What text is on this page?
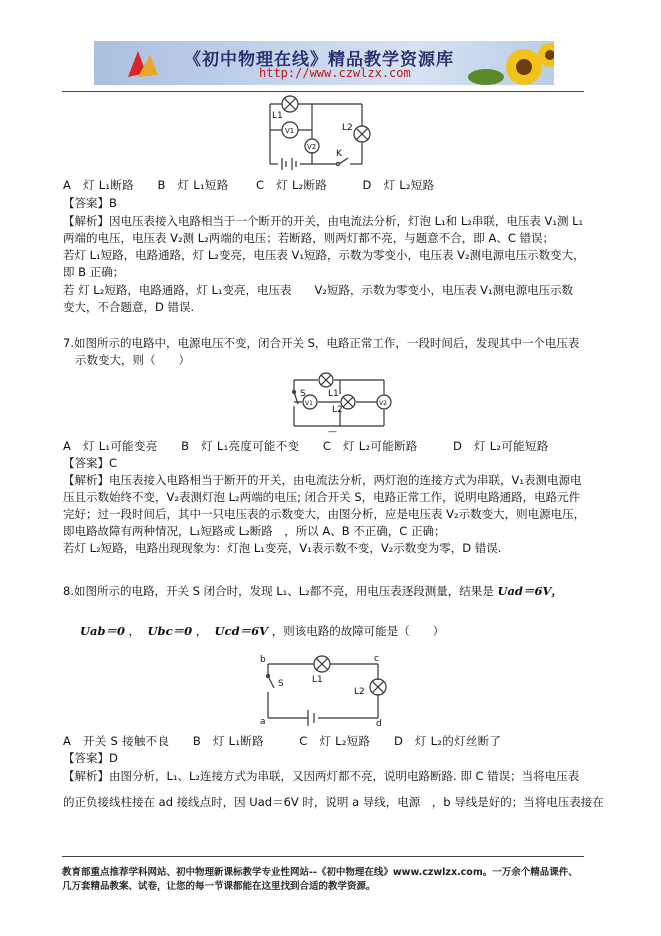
《初中物理在线》精品教学资源库
http://www.czwlzx.com
L1
V1	L2
V2
K
A　灯 L₁断路　　B　灯 L₁短路　　 C　灯 L₂断路　　　D　灯 L₂短路
【答案】B
【解析】因电压表接入电路相当于一个断开的开关，由电流法分析，灯泡 L₁和 L₂串联，电压表 V₁测 L₁
两端的电压，电压表 V₂测 L₂两端的电压；若断路，则两灯都不亮，与题意不合，即 A、C 错误；
若灯 L₁短路，电路通路，灯 L₂变亮，电压表 V₁短路，示数为零变小，电压表 V₂测电源电压示数变大，
即 B 正确；
若 灯 L₂短路，电路通路，灯 L₁变亮，电压表　　V₂短路，示数为零变小，电压表 V₁测电源电压示数
变大，不合题意，D 错误.
7.如图所示的电路中，电源电压不变，闭合开关 S，电路正常工作，一段时间后，发现其中一个电压表
示数变大，则（　　）
S
V1
L1
L2
V2
—
A　灯 L₁可能变亮　　B　灯 L₁亮度可能不变　　C　灯 L₂可能断路　　　D　灯 L₂可能短路
【答案】C
【解析】电压表接入电路相当于断开的开关，由电流法分析，两灯泡的连接方式为串联，V₁表测电源电
压且示数始终不变，V₂表测灯泡 L₂两端的电压; 闭合开关 S，电路正常工作，说明电路通路，电路元件
完好；过一段时间后，其中一只电压表的示数变大，由图分析，应是电压表 V₂示数变大，则电源电压，
即电路故障有两种情况，L₁短路或 L₂断路　，所以 A、B 不正确，C 正确；
若灯 L₂短路，电路出现现象为：灯泡 L₁变亮，V₁表示数不变，V₂示数变为零，D 错误.
8.如图所示的电路，开关 S 闭合时，发现 L₁、L₂都不亮，用电压表逐段测量，结果是 Uad＝6V，
Uab＝0 ，  Ubc＝0 ，  Ucd＝6V ，则该电路的故障可能是（　　）
b	c
a	d
S	L1
L2
A　开关 S 接触不良　　B　灯 L₁断路　　　C　灯 L₂短路　　D　灯 L₂的灯丝断了
【答案】D
【解析】由图分析，L₁、L₂连接方式为串联，又因两灯都不亮，说明电路断路. 即 C 错误；当将电压表
的正负接线柱接在 ad 接线点时，因 Uad＝6V 时，说明 a 导线，电源　，b 导线是好的；当将电压表接在
教育部重点推荐学科网站、初中物理新课标教学专业性网站--《初中物理在线》www.czwlzx.com。一万余个精品课件、
几万套精品教案、试卷，让您的每一节课都能在这里找到合适的教学资源。
